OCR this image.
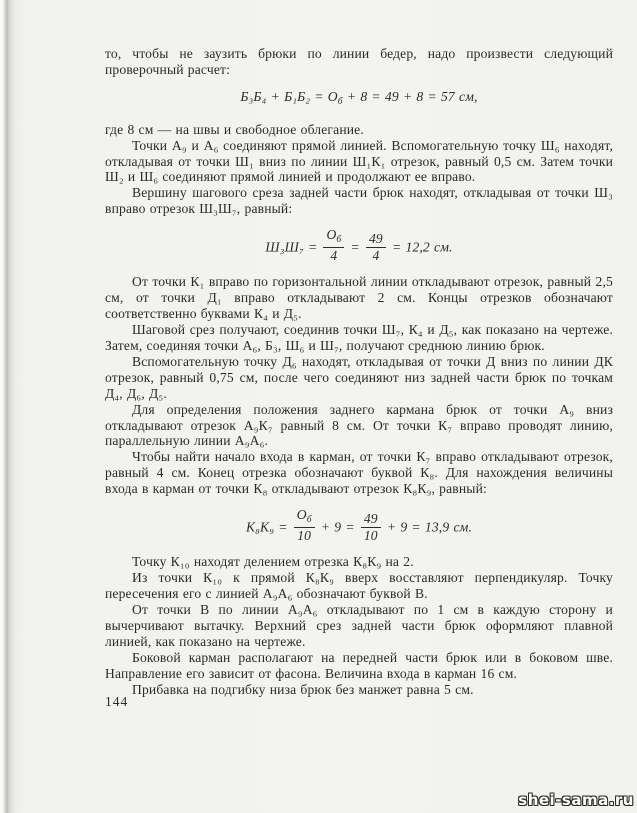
то, чтобы не заузить брюки по линии бедер, надо произвести следующий проверочный расчет:

$Б_3Б_4 + Б_1Б_2 = О_б + 8 = 49 + 8 = 57$ см,

где 8 см — на швы и свободное облегание.

Точки А₉ и А₆ соединяют прямой линией. Вспомогательную точку Ш₆ находят, откладывая от точки Ш₁ вниз по линии Ш₁К₁ отрезок, равный 0,5 см. Затем точки Ш₂ и Ш₆ соединяют прямой линией и продолжают ее вправо.

Вершину шагового среза задней части брюк находят, откладывая от точки Ш₃ вправо отрезок Ш₃Ш₇, равный:

$Ш_3Ш_7 = \frac{О_б}{4} = \frac{49}{4} = 12,2$ см.

От точки К₁ вправо по горизонтальной линии откладывают отрезок, равный 2,5 см, от точки Д₁ вправо откладывают 2 см. Концы отрезков обозначают соответственно буквами К₄ и Д₅.

Шаговой срез получают, соединив точки Ш₇, К₄ и Д₅, как показано на чертеже. Затем, соединяя точки А₆, Б₃, Ш₆ и Ш₇, получают среднюю линию брюк.

Вспомогательную точку Д₆ находят, откладывая от точки Д вниз по линии ДК отрезок, равный 0,75 см, после чего соединяют низ задней части брюк по точкам Д₄, Д₆, Д₅.

Для определения положения заднего кармана брюк от точки А₉ вниз откладывают отрезок А₉К₇ равный 8 см. От точки К₇ вправо проводят линию, параллельную линии А₉А₆.

Чтобы найти начало входа в карман, от точки К₇ вправо откладывают отрезок, равный 4 см. Конец отрезка обозначают буквой К₈. Для нахождения величины входа в карман от точки К₈ откладывают отрезок К₈К₉, равный:

$К_8К_9 = \frac{О_б}{10} + 9 = \frac{49}{10} + 9 = 13,9$ см.

Точку К₁₀ находят делением отрезка К₈К₉ на 2.

Из точки К₁₀ к прямой К₈К₉ вверх восставляют перпендикуляр. Точку пересечения его с линией А₉А₆ обозначают буквой В.

От точки В по линии А₉А₆ откладывают по 1 см в каждую сторону и вычерчивают вытачку. Верхний срез задней части брюк оформляют плавной линией, как показано на чертеже.

Боковой карман располагают на передней части брюк или в боковом шве. Направление его зависит от фасона. Величина входа в карман 16 см.

Прибавка на подгибку низа брюк без манжет равна 5 см.

144
shei-sama.ru
